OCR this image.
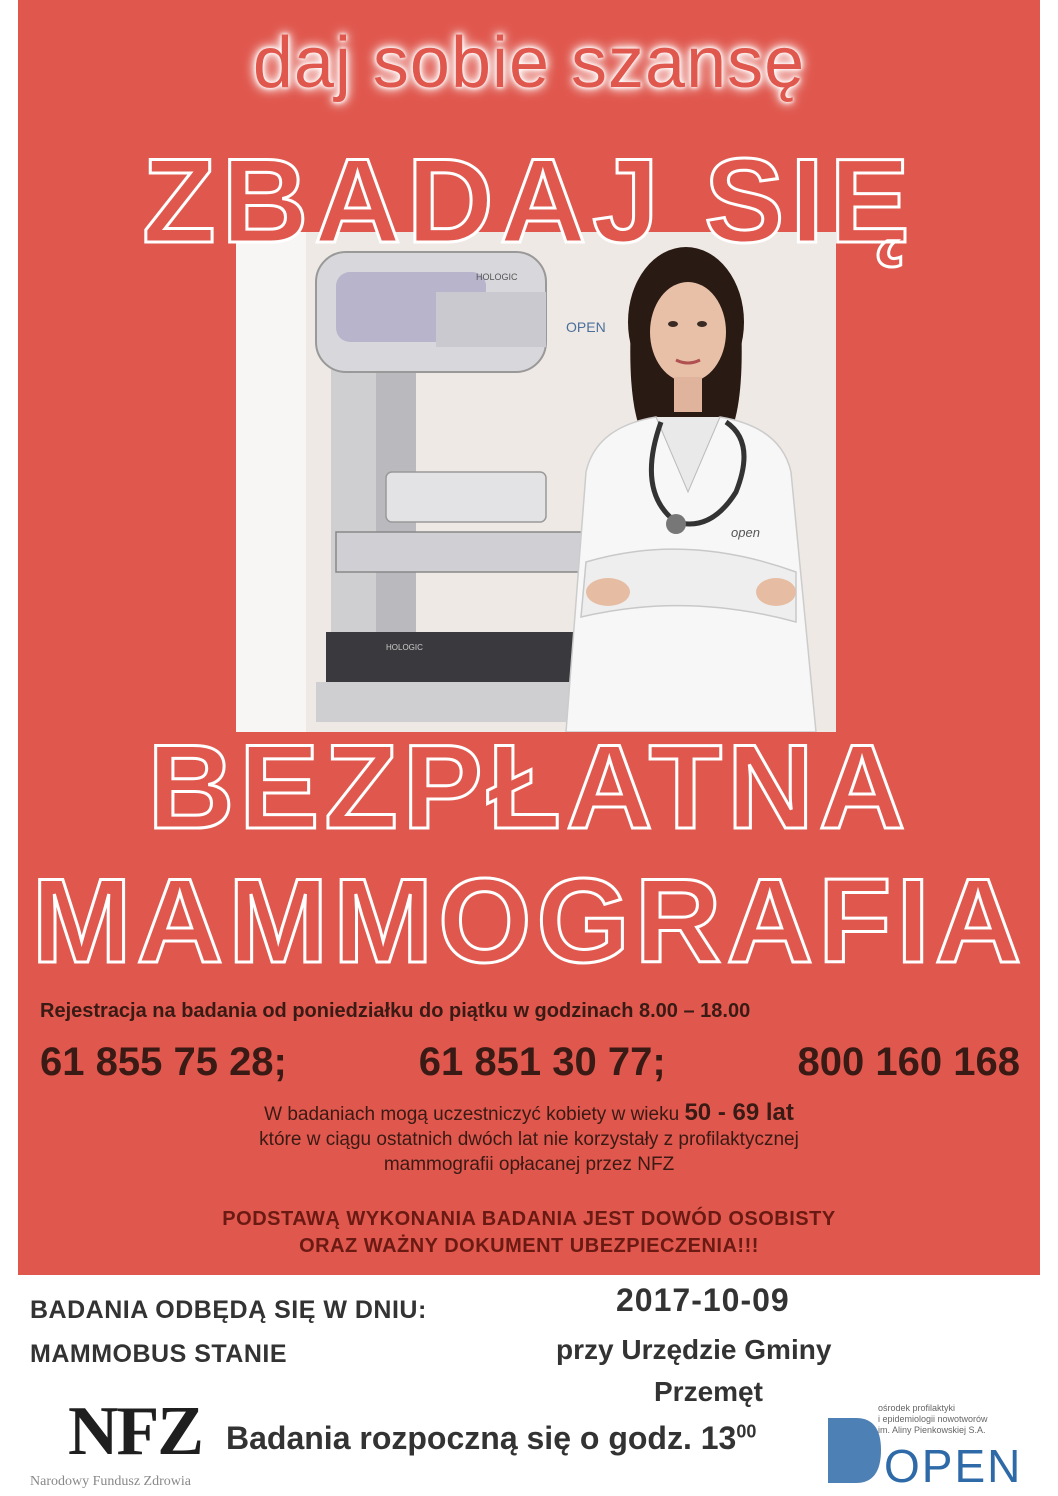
HOLOGIC
OPEN
HOLOGIC
open
daj sobie szansę
ZBADAJ SIĘ
BEZPŁATNA
MAMMOGRAFIA
Rejestracja na badania od poniedziałku do piątku w godzinach 8.00 – 18.00
61 855 75 28;	61 851 30 77;	800 160 168
W badaniach mogą uczestniczyć kobiety w wieku 50 - 69 lat
które w ciągu ostatnich dwóch lat nie korzystały z profilaktycznej
mammografii opłacanej przez NFZ
PODSTAWĄ WYKONANIA BADANIA JEST DOWÓD OSOBISTY
ORAZ WAŻNY DOKUMENT UBEZPIECZENIA!!!
BADANIA ODBĘDĄ SIĘ W DNIU:	2017-10-09
MAMMOBUS STANIE	przy Urzędzie Gminy
Przemęt
NFZ
Narodowy Fundusz Zdrowia
Badania rozpoczną się o godz. $13^{00}$
ośrodek profilaktyki
i epidemiologii nowotworów
im. Aliny Pienkowskiej S.A.
OPEN
